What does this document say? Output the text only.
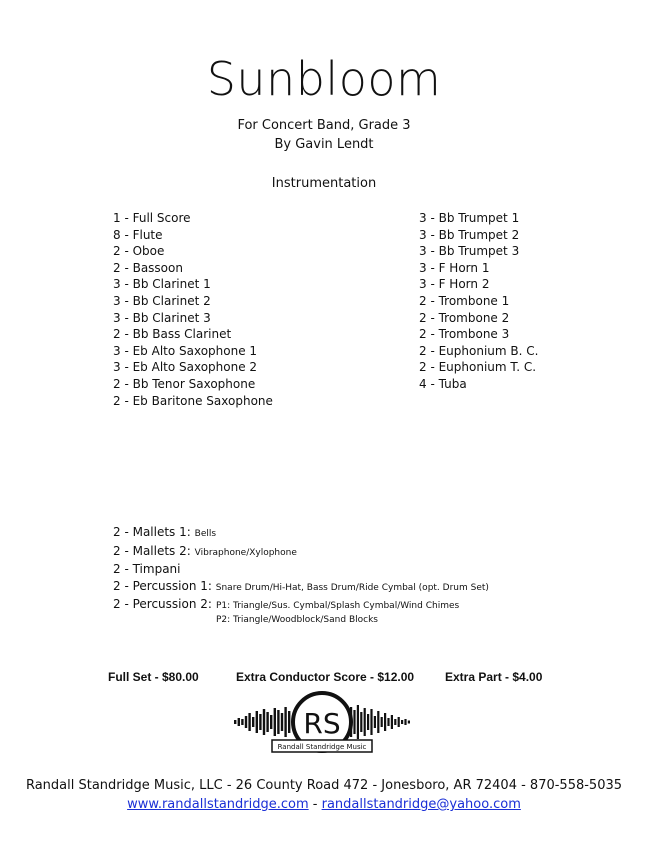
Sunbloom
For Concert Band, Grade 3
By Gavin Lendt
Instrumentation
1 - Full Score
8 - Flute
2 - Oboe
2 - Bassoon
3 - Bb Clarinet 1
3 - Bb Clarinet 2
3 - Bb Clarinet 3
2 - Bb Bass Clarinet
3 - Eb Alto Saxophone 1
3 - Eb Alto Saxophone 2
2 - Bb Tenor Saxophone
2 - Eb Baritone Saxophone
3 - Bb Trumpet 1
3 - Bb Trumpet 2
3 - Bb Trumpet 3
3 - F Horn 1
3 - F Horn 2
2 - Trombone 1
2 - Trombone 2
2 - Trombone 3
2 - Euphonium B. C.
2 - Euphonium T. C.
4 - Tuba
2 - Mallets 1: Bells
2 - Mallets 2: Vibraphone/Xylophone
2 - Timpani
2 - Percussion 1: Snare Drum/Hi-Hat, Bass Drum/Ride Cymbal (opt. Drum Set)
2 - Percussion 2: P1: Triangle/Sus. Cymbal/Splash Cymbal/Wind Chimes
P2: Triangle/Woodblock/Sand Blocks
Full Set - $80.00	Extra Conductor Score - $12.00	Extra Part - $4.00
RS
Randall Standridge Music
Randall Standridge Music, LLC - 26 County Road 472 - Jonesboro, AR 72404 - 870-558-5035
www.randallstandridge.com - randallstandridge@yahoo.com
